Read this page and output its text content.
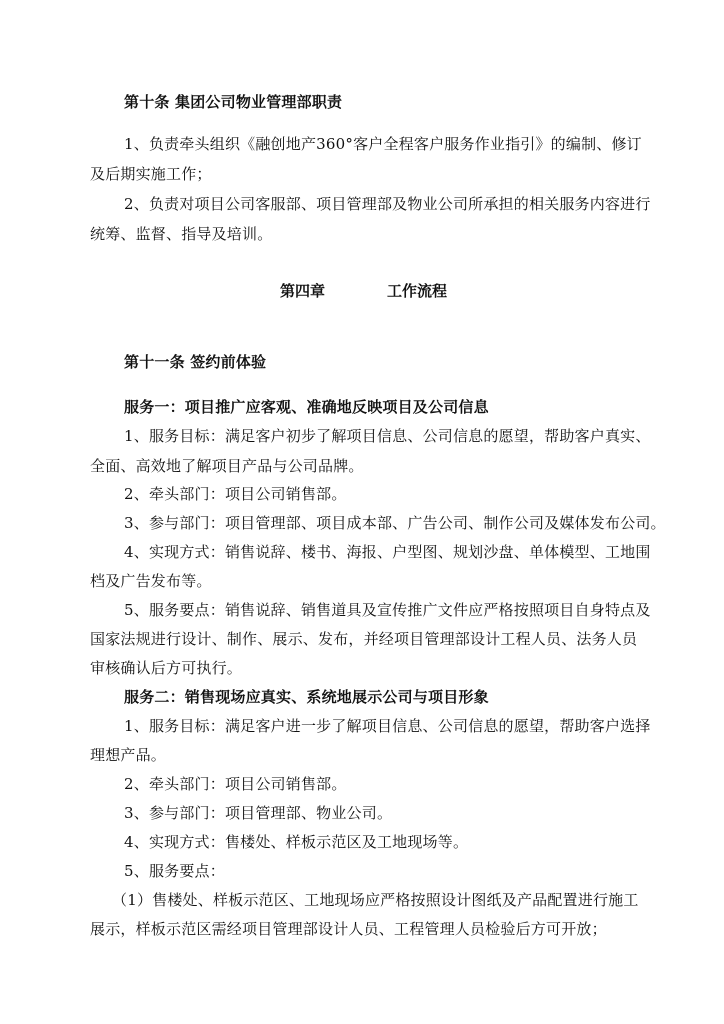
第十条 集团公司物业管理部职责
1、负责牵头组织《融创地产360°客户全程客户服务作业指引》的编制、修订
及后期实施工作；
2、负责对项目公司客服部、项目管理部及物业公司所承担的相关服务内容进行
统筹、监督、指导及培训。
第四章	工作流程
第十一条 签约前体验
服务一：项目推广应客观、准确地反映项目及公司信息
1、服务目标：满足客户初步了解项目信息、公司信息的愿望，帮助客户真实、
全面、高效地了解项目产品与公司品牌。
2、牵头部门：项目公司销售部。
3、参与部门：项目管理部、项目成本部、广告公司、制作公司及媒体发布公司。
4、实现方式：销售说辞、楼书、海报、户型图、规划沙盘、单体模型、工地围
档及广告发布等。
5、服务要点：销售说辞、销售道具及宣传推广文件应严格按照项目自身特点及
国家法规进行设计、制作、展示、发布，并经项目管理部设计工程人员、法务人员
审核确认后方可执行。
服务二：销售现场应真实、系统地展示公司与项目形象
1、服务目标：满足客户进一步了解项目信息、公司信息的愿望，帮助客户选择
理想产品。
2、牵头部门：项目公司销售部。
3、参与部门：项目管理部、物业公司。
4、实现方式：售楼处、样板示范区及工地现场等。
5、服务要点：
（1）售楼处、样板示范区、工地现场应严格按照设计图纸及产品配置进行施工
展示，样板示范区需经项目管理部设计人员、工程管理人员检验后方可开放；
